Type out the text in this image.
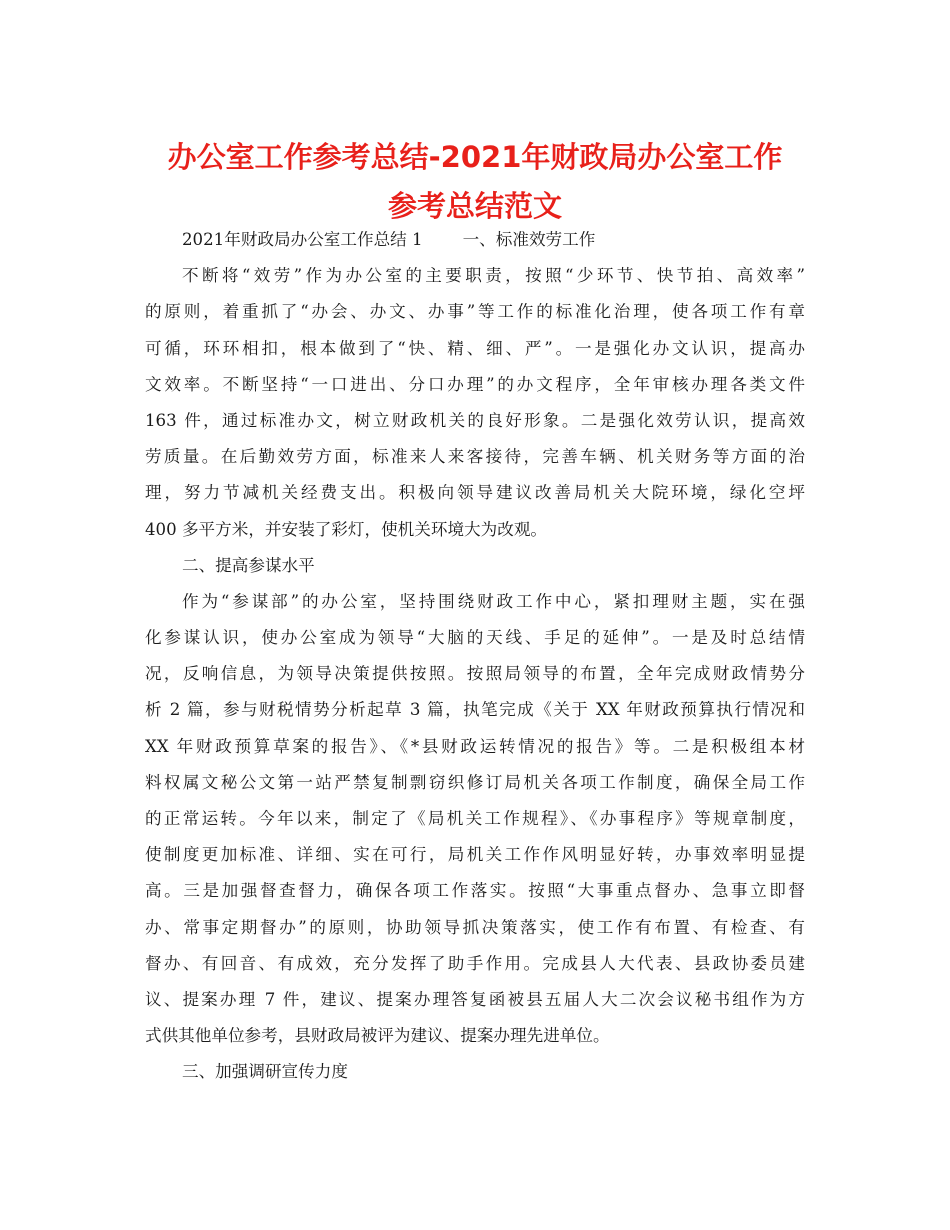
办公室工作参考总结-2021年财政局办公室工作
参考总结范文
2021年财政局办公室工作总结 1 一、标准效劳工作
不断将“效劳”作为办公室的主要职责，按照“少环节、快节拍、高效率”
的原则，着重抓了“办会、办文、办事”等工作的标准化治理，使各项工作有章
可循，环环相扣，根本做到了“快、精、细、严”。一是强化办文认识，提高办
文效率。不断坚持“一口进出、分口办理”的办文程序，全年审核办理各类文件
163 件，通过标准办文，树立财政机关的良好形象。二是强化效劳认识，提高效
劳质量。在后勤效劳方面，标准来人来客接待，完善车辆、机关财务等方面的治
理，努力节减机关经费支出。积极向领导建议改善局机关大院环境，绿化空坪
400 多平方米，并安装了彩灯，使机关环境大为改观。
二、提高参谋水平
作为“参谋部”的办公室，坚持围绕财政工作中心，紧扣理财主题，实在强
化参谋认识，使办公室成为领导“大脑的天线、手足的延伸”。一是及时总结情
况，反响信息，为领导决策提供按照。按照局领导的布置，全年完成财政情势分
析 2 篇，参与财税情势分析起草 3 篇，执笔完成《关于 XX 年财政预算执行情况和
XX 年财政预算草案的报告》、《*县财政运转情况的报告》等。二是积极组本材
料权属文秘公文第一站严禁复制剽窃织修订局机关各项工作制度，确保全局工作
的正常运转。今年以来，制定了《局机关工作规程》、《办事程序》等规章制度，
使制度更加标准、详细、实在可行，局机关工作作风明显好转，办事效率明显提
高。三是加强督查督力，确保各项工作落实。按照“大事重点督办、急事立即督
办、常事定期督办”的原则，协助领导抓决策落实，使工作有布置、有检查、有
督办、有回音、有成效，充分发挥了助手作用。完成县人大代表、县政协委员建
议、提案办理 7 件，建议、提案办理答复函被县五届人大二次会议秘书组作为方
式供其他单位参考，县财政局被评为建议、提案办理先进单位。
三、加强调研宣传力度
